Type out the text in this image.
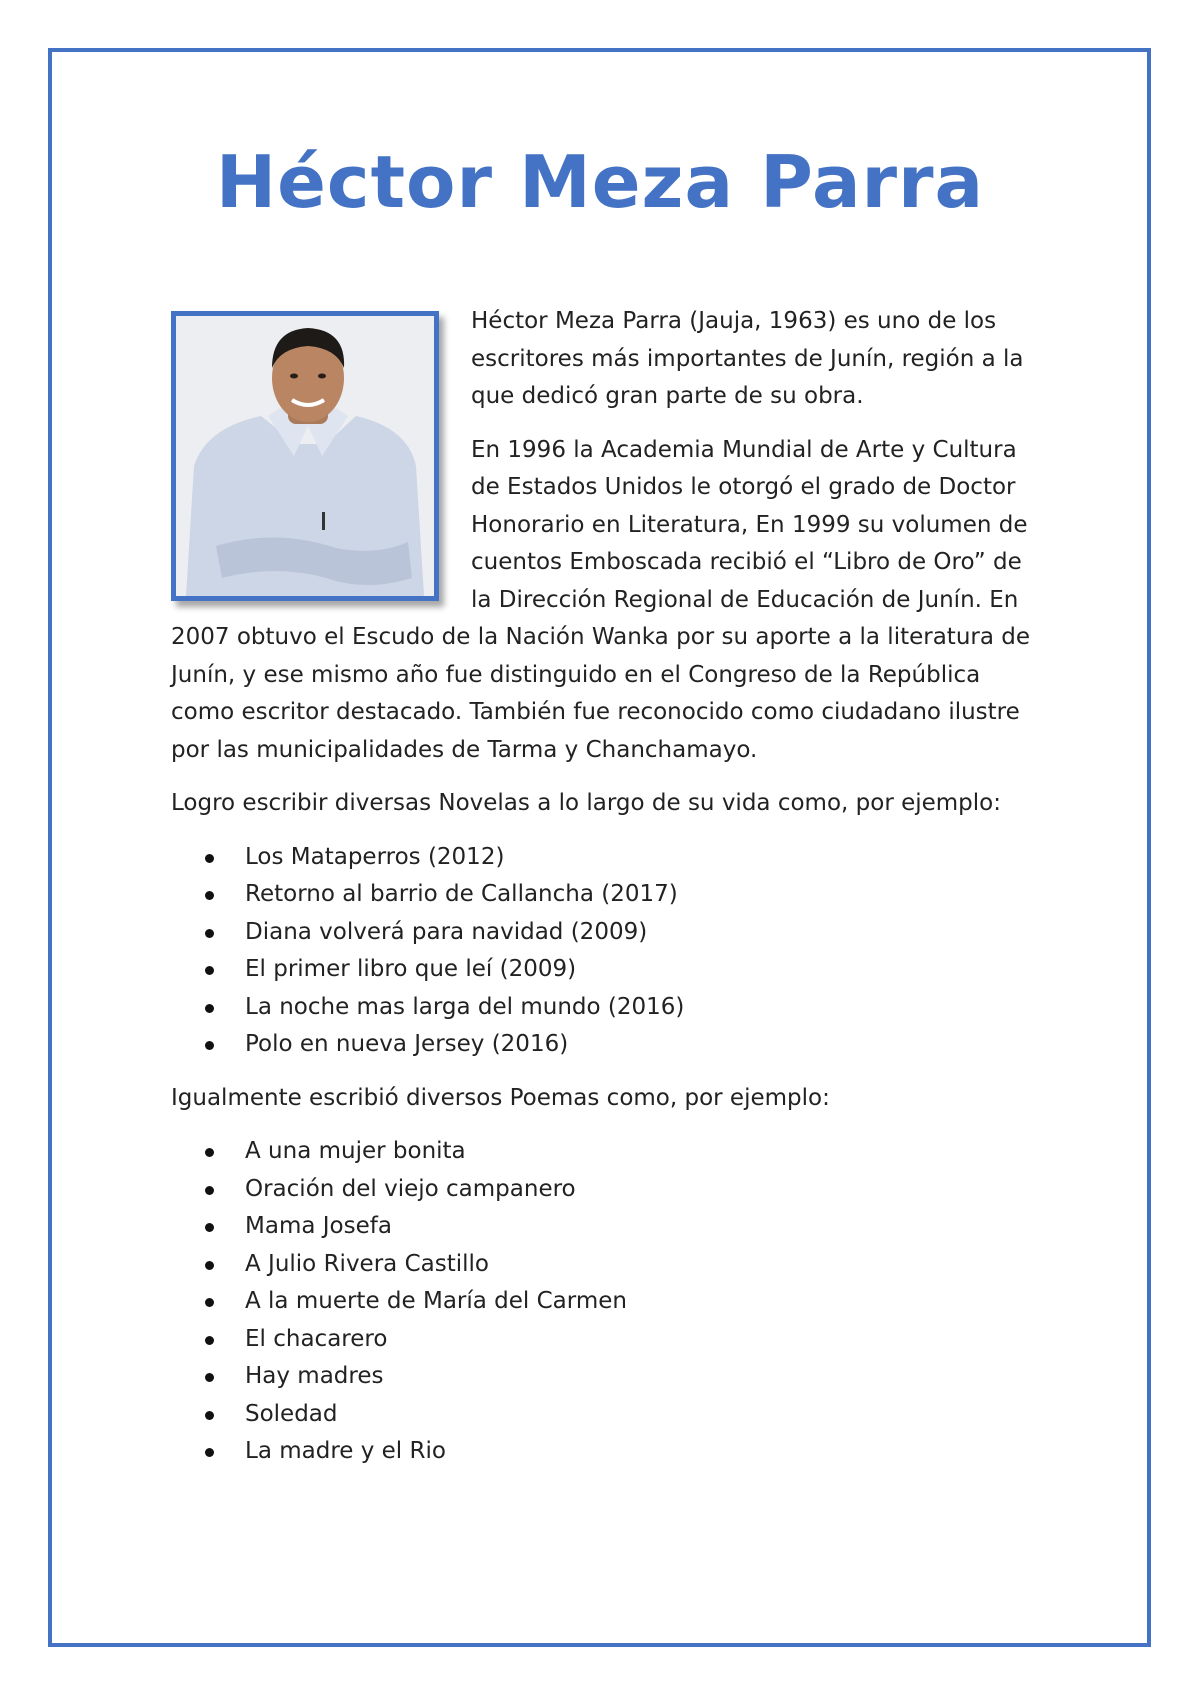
Héctor Meza Parra

Héctor Meza Parra (Jauja, 1963) es uno de los escritores más importantes de Junín, región a la que dedicó gran parte de su obra.

En 1996 la Academia Mundial de Arte y Cultura de Estados Unidos le otorgó el grado de Doctor Honorario en Literatura, En 1999 su volumen de cuentos Emboscada recibió el “Libro de Oro” de la Dirección Regional de Educación de Junín. En 2007 obtuvo el Escudo de la Nación Wanka por su aporte a la literatura de Junín, y ese mismo año fue distinguido en el Congreso de la República como escritor destacado. También fue reconocido como ciudadano ilustre por las municipalidades de Tarma y Chanchamayo.

Logro escribir diversas Novelas a lo largo de su vida como, por ejemplo:

Los Mataperros (2012)
Retorno al barrio de Callancha (2017)
Diana volverá para navidad (2009)
El primer libro que leí (2009)
La noche mas larga del mundo (2016)
Polo en nueva Jersey (2016)

Igualmente escribió diversos Poemas como, por ejemplo:

A una mujer bonita
Oración del viejo campanero
Mama Josefa
A Julio Rivera Castillo
A la muerte de María del Carmen
El chacarero
Hay madres
Soledad
La madre y el Rio
